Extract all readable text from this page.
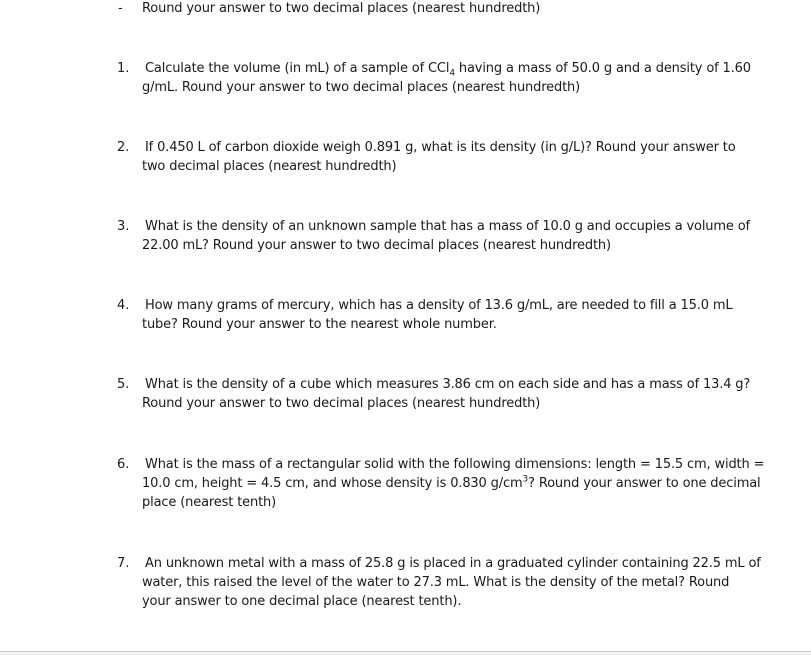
- Round your answer to two decimal places (nearest hundredth)
1. Calculate the volume (in mL) of a sample of CCl$_4$ having a mass of 50.0 g and a density of 1.60
g/mL. Round your answer to two decimal places (nearest hundredth)
2. If 0.450 L of carbon dioxide weigh 0.891 g, what is its density (in g/L)? Round your answer to
two decimal places (nearest hundredth)
3. What is the density of an unknown sample that has a mass of 10.0 g and occupies a volume of
22.00 mL? Round your answer to two decimal places (nearest hundredth)
4. How many grams of mercury, which has a density of 13.6 g/mL, are needed to fill a 15.0 mL
tube? Round your answer to the nearest whole number.
5. What is the density of a cube which measures 3.86 cm on each side and has a mass of 13.4 g?
Round your answer to two decimal places (nearest hundredth)
6. What is the mass of a rectangular solid with the following dimensions: length = 15.5 cm, width =
10.0 cm, height = 4.5 cm, and whose density is 0.830 $g/cm^3$? Round your answer to one decimal
place (nearest tenth)
7. An unknown metal with a mass of 25.8 g is placed in a graduated cylinder containing 22.5 mL of
water, this raised the level of the water to 27.3 mL. What is the density of the metal? Round
your answer to one decimal place (nearest tenth).
